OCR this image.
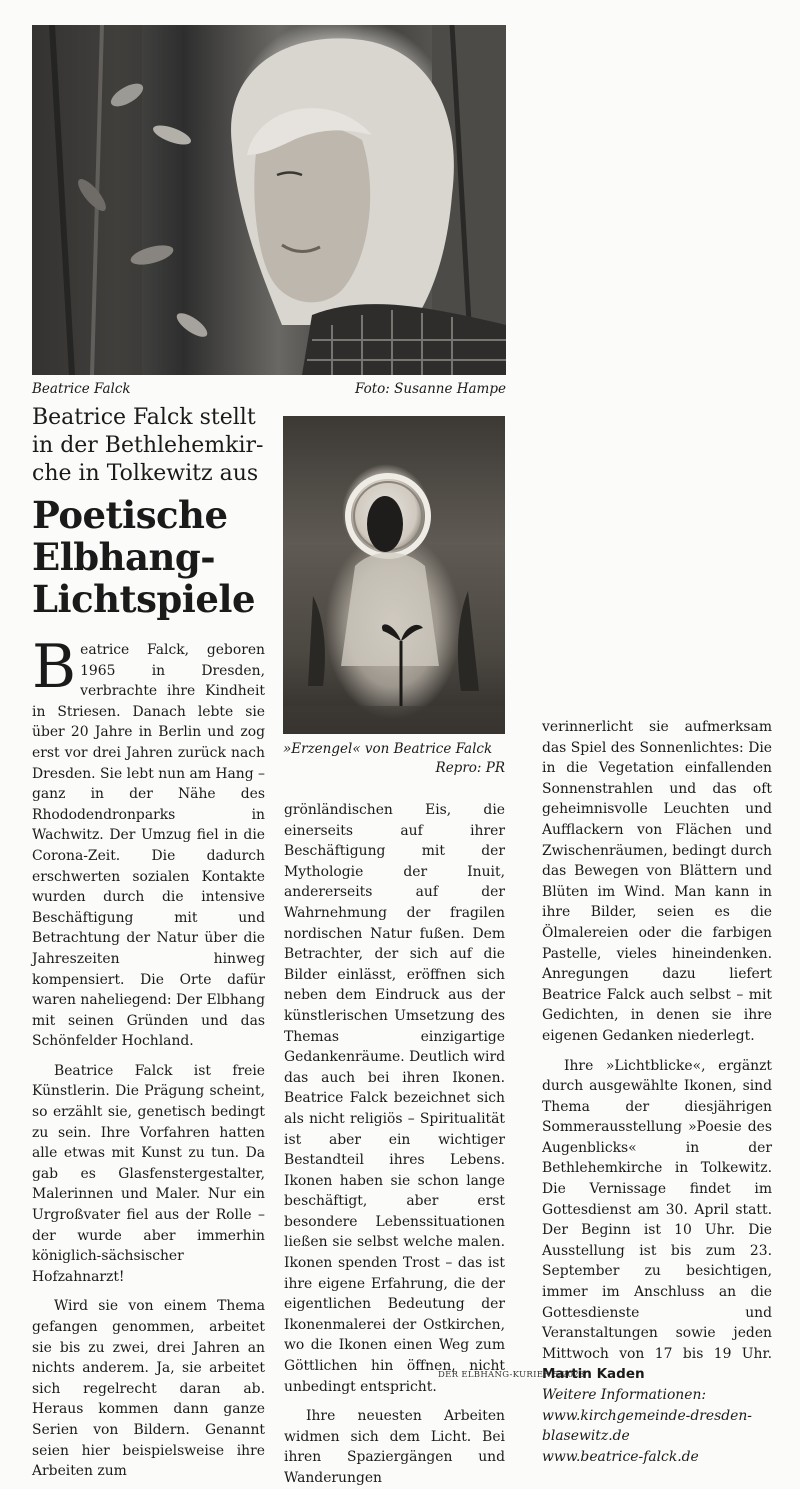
Beatrice Falck	Foto: Susanne Hampe
Beatrice Falck stellt
in der Bethlehemkir-
che in Tolkewitz aus
Poetische
Elbhang-
Lichtspiele
»Erzengel« von Beatrice Falck
Repro: PR

Beatrice Falck, geboren 1965 in Dresden, verbrachte ihre Kindheit in Striesen. Danach lebte sie über 20 Jahre in Berlin und zog erst vor drei Jahren zurück nach Dresden. Sie lebt nun am Hang – ganz in der Nähe des Rhododendronparks in Wachwitz. Der Umzug fiel in die Corona-Zeit. Die dadurch erschwerten sozialen Kontakte wurden durch die intensive Beschäftigung mit und Betrachtung der Natur über die Jahreszeiten hinweg kompensiert. Die Orte dafür waren naheliegend: Der Elbhang mit seinen Gründen und das Schönfelder Hochland.

Beatrice Falck ist freie Künstlerin. Die Prägung scheint, so erzählt sie, genetisch bedingt zu sein. Ihre Vorfahren hatten alle etwas mit Kunst zu tun. Da gab es Glasfenstergestalter, Malerinnen und Maler. Nur ein Urgroßvater fiel aus der Rolle – der wurde aber immerhin königlich-sächsischer Hofzahnarzt!

Wird sie von einem Thema gefangen genommen, arbeitet sie bis zu zwei, drei Jahren an nichts anderem. Ja, sie arbeitet sich regelrecht daran ab. Heraus kommen dann ganze Serien von Bildern. Genannt seien hier beispielsweise ihre Arbeiten zum

grönländischen Eis, die einerseits auf ihrer Beschäftigung mit der Mythologie der Inuit, andererseits auf der Wahrnehmung der fragilen nordischen Natur fußen. Dem Betrachter, der sich auf die Bilder einlässt, eröffnen sich neben dem Eindruck aus der künstlerischen Umsetzung des Themas einzigartige Gedankenräume. Deutlich wird das auch bei ihren Ikonen. Beatrice Falck bezeichnet sich als nicht religiös – Spiritualität ist aber ein wichtiger Bestandteil ihres Lebens. Ikonen haben sie schon lange beschäftigt, aber erst besondere Lebenssituationen ließen sie selbst welche malen. Ikonen spenden Trost – das ist ihre eigene Erfahrung, die der eigentlichen Bedeutung der Ikonenmalerei der Ostkirchen, wo die Ikonen einen Weg zum Göttlichen hin öffnen, nicht unbedingt entspricht.

Ihre neuesten Arbeiten widmen sich dem Licht. Bei ihren Spaziergängen und Wanderungen

verinnerlicht sie aufmerksam das Spiel des Sonnenlichtes: Die in die Vegetation einfallenden Sonnenstrahlen und das oft geheimnisvolle Leuchten und Aufflackern von Flächen und Zwischenräumen, bedingt durch das Bewegen von Blättern und Blüten im Wind. Man kann in ihre Bilder, seien es die Ölmalereien oder die farbigen Pastelle, vieles hineindenken. Anregungen dazu liefert Beatrice Falck auch selbst – mit Gedichten, in denen sie ihre eigenen Gedanken niederlegt.

Ihre »Lichtblicke«, ergänzt durch ausgewählte Ikonen, sind Thema der diesjährigen Sommerausstellung »Poesie des Augenblicks« in der Bethlehemkirche in Tolkewitz. Die Vernissage findet im Gottesdienst am 30. April statt. Der Beginn ist 10 Uhr. Die Ausstellung ist bis zum 23. September zu besichtigen, immer im Anschluss an die Gottesdienste und Veranstaltungen sowie jeden Mittwoch von 17 bis 19 Uhr. Martin Kaden

Weitere Informationen:
www.kirchgemeinde-dresden-blasewitz.de
www.beatrice-falck.de
DER ELBHANG-KURIER 5/2023
